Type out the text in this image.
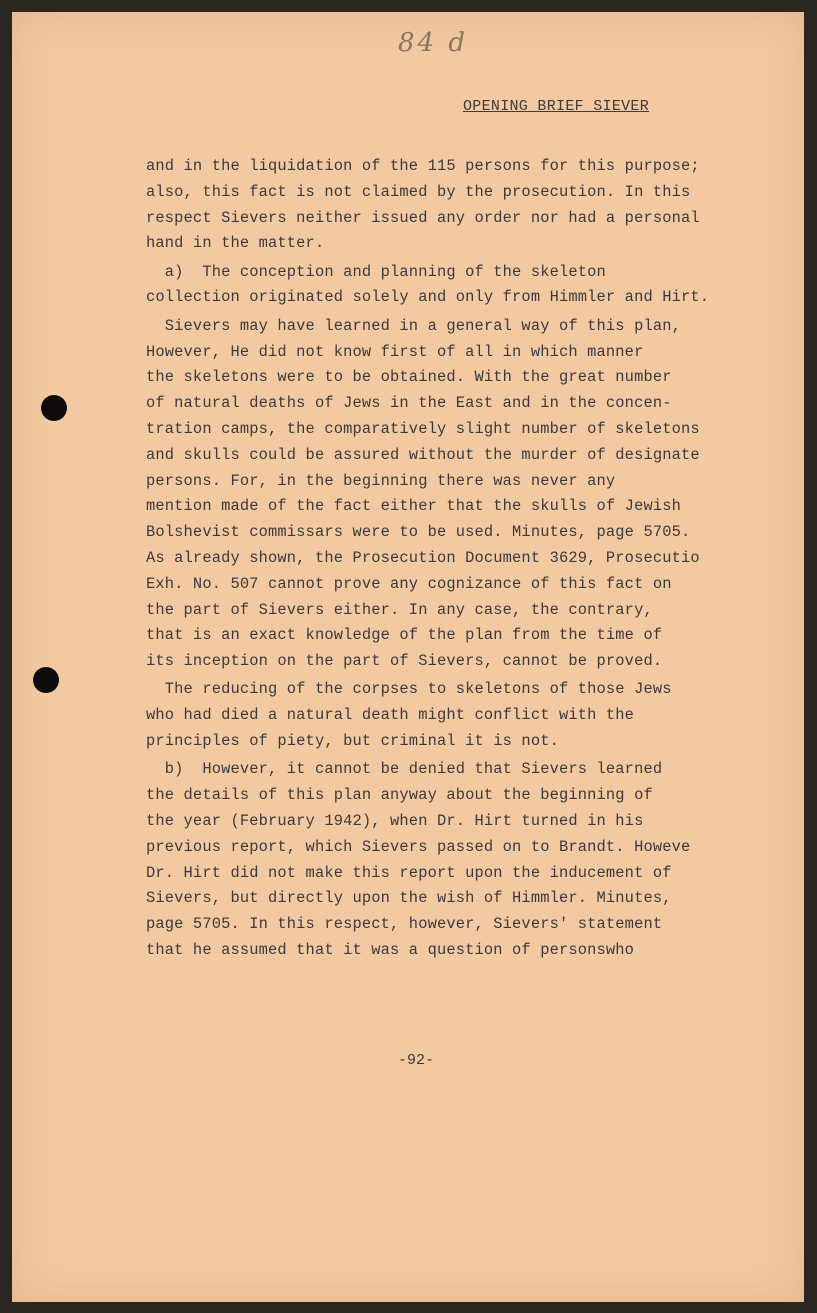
84 d
OPENING BRIEF SIEVER
and in the liquidation of the 115 persons for this purpose;
also, this fact is not claimed by the prosecution. In this
respect Sievers neither issued any order nor had a personal
hand in the matter.
a)  The conception and planning of the skeleton
collection originated solely and only from Himmler and Hirt.
Sievers may have learned in a general way of this plan,
However, He did not know first of all in which manner
the skeletons were to be obtained. With the great number
of natural deaths of Jews in the East and in the concen-
tration camps, the comparatively slight number of skeletons
and skulls could be assured without the murder of designate
persons. For, in the beginning there was never any
mention made of the fact either that the skulls of Jewish
Bolshevist commissars were to be used. Minutes, page 5705.
As already shown, the Prosecution Document 3629, Prosecutio
Exh. No. 507 cannot prove any cognizance of this fact on
the part of Sievers either. In any case, the contrary,
that is an exact knowledge of the plan from the time of
its inception on the part of Sievers, cannot be proved.
The reducing of the corpses to skeletons of those Jews
who had died a natural death might conflict with the
principles of piety, but criminal it is not.
b)  However, it cannot be denied that Sievers learned
the details of this plan anyway about the beginning of
the year (February 1942), when Dr. Hirt turned in his
previous report, which Sievers passed on to Brandt. Howeve
Dr. Hirt did not make this report upon the inducement of
Sievers, but directly upon the wish of Himmler. Minutes,
page 5705. In this respect, however, Sievers' statement
that he assumed that it was a question of personswho
-92-
